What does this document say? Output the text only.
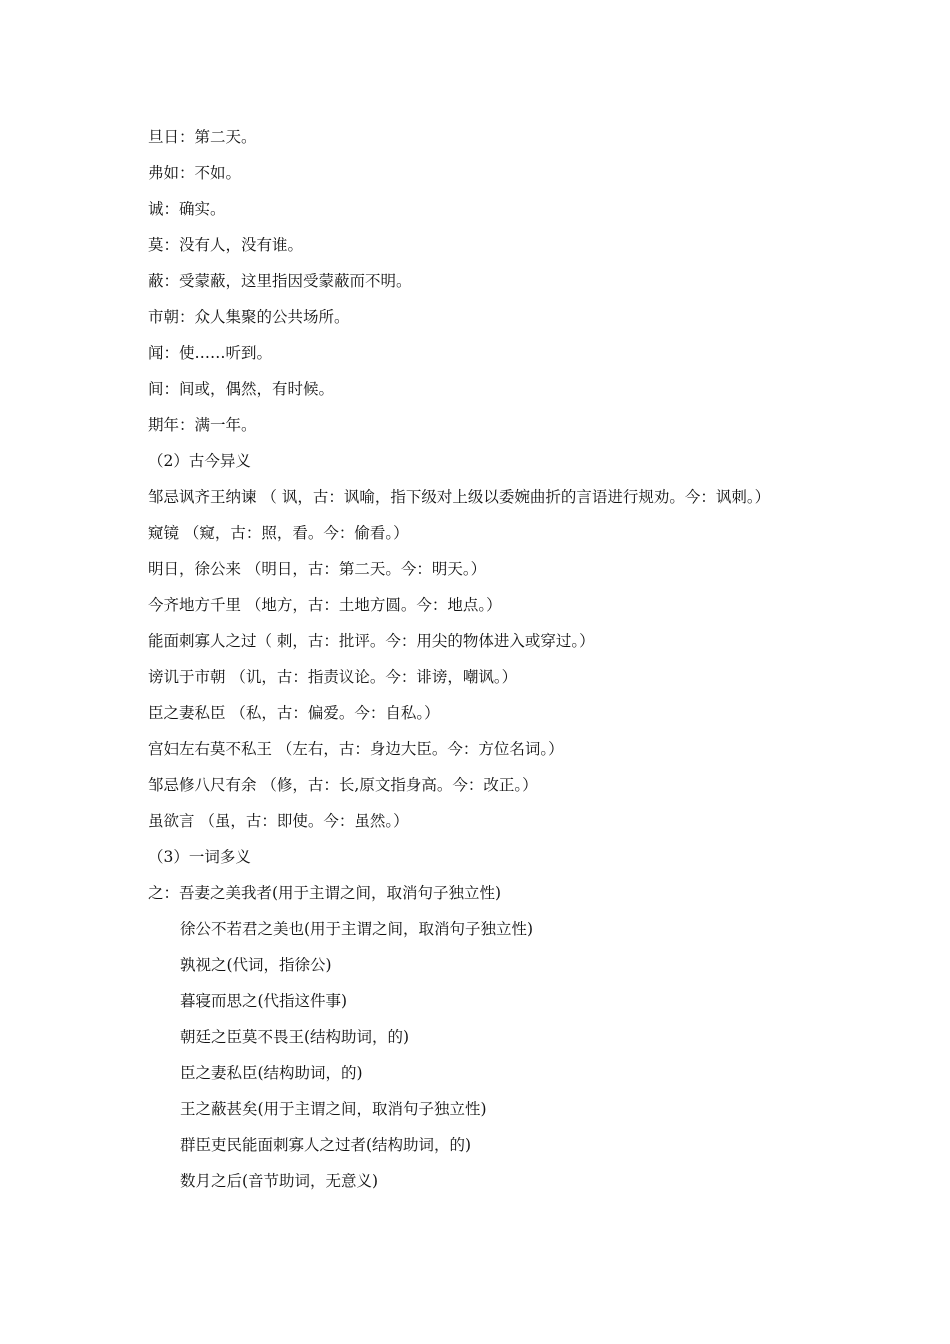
旦日：第二天。
弗如：不如。
诚：确实。
莫：没有人，没有谁。
蔽：受蒙蔽，这里指因受蒙蔽而不明。
市朝：众人集聚的公共场所。
闻：使……听到。
间：间或，偶然，有时候。
期年：满一年。
（2）古今异义
邹忌讽齐王纳谏 （ 讽，古：讽喻，指下级对上级以委婉曲折的言语进行规劝。今：讽刺。）
窥镜 （窥，古：照，看。今：偷看。）
明日，徐公来 （明日，古：第二天。今：明天。）
今齐地方千里 （地方，古：土地方圆。今：地点。）
能面刺寡人之过（ 刺，古：批评。今：用尖的物体进入或穿过。）
谤讥于市朝 （讥，古：指责议论。今：诽谤，嘲讽。）
臣之妻私臣 （私，古：偏爱。今：自私。）
宫妇左右莫不私王 （左右，古：身边大臣。今：方位名词。）
邹忌修八尺有余 （修，古：长,原文指身高。今：改正。）
虽欲言 （虽，古：即使。今：虽然。）
（3）一词多义
之：吾妻之美我者(用于主谓之间，取消句子独立性)
徐公不若君之美也(用于主谓之间，取消句子独立性)
孰视之(代词，指徐公)
暮寝而思之(代指这件事)
朝廷之臣莫不畏王(结构助词，的)
臣之妻私臣(结构助词，的)
王之蔽甚矣(用于主谓之间，取消句子独立性)
群臣吏民能面刺寡人之过者(结构助词，的)
数月之后(音节助词，无意义)
